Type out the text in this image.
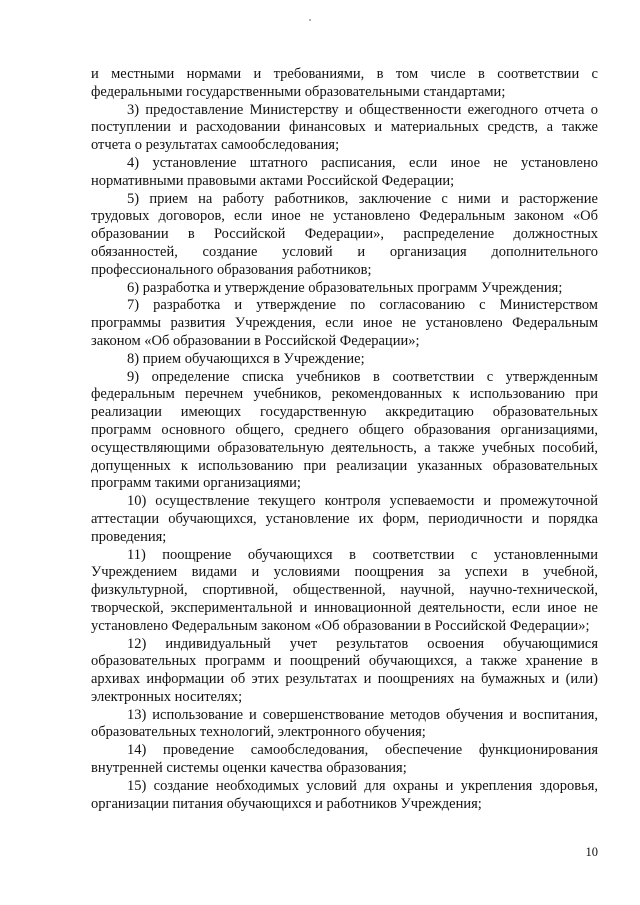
и местными нормами и требованиями, в том числе в соответствии с федеральными государственными образовательными стандартами;

3) предоставление Министерству и общественности ежегодного отчета о поступлении и расходовании финансовых и материальных средств, а также отчета о результатах самообследования;

4) установление штатного расписания, если иное не установлено нормативными правовыми актами Российской Федерации;

5) прием на работу работников, заключение с ними и расторжение трудовых договоров, если иное не установлено Федеральным законом «Об образовании в Российской Федерации», распределение должностных обязанностей, создание условий и организация дополнительного профессионального образования работников;

6) разработка и утверждение образовательных программ Учреждения;

7) разработка и утверждение по согласованию с Министерством программы развития Учреждения, если иное не установлено Федеральным законом «Об образовании в Российской Федерации»;

8) прием обучающихся в Учреждение;

9) определение списка учебников в соответствии с утвержденным федеральным перечнем учебников, рекомендованных к использованию при реализации имеющих государственную аккредитацию образовательных программ основного общего, среднего общего образования организациями, осуществляющими образовательную деятельность, а также учебных пособий, допущенных к использованию при реализации указанных образовательных программ такими организациями;

10) осуществление текущего контроля успеваемости и промежуточной аттестации обучающихся, установление их форм, периодичности и порядка проведения;

11) поощрение обучающихся в соответствии с установленными Учреждением видами и условиями поощрения за успехи в учебной, физкультурной, спортивной, общественной, научной, научно-технической, творческой, экспериментальной и инновационной деятельности, если иное не установлено Федеральным законом «Об образовании в Российской Федерации»;

12) индивидуальный учет результатов освоения обучающимися образовательных программ и поощрений обучающихся, а также хранение в архивах информации об этих результатах и поощрениях на бумажных и (или) электронных носителях;

13) использование и совершенствование методов обучения и воспитания, образовательных технологий, электронного обучения;

14) проведение самообследования, обеспечение функционирования внутренней системы оценки качества образования;

15) создание необходимых условий для охраны и укрепления здоровья, организации питания обучающихся и работников Учреждения;

10
